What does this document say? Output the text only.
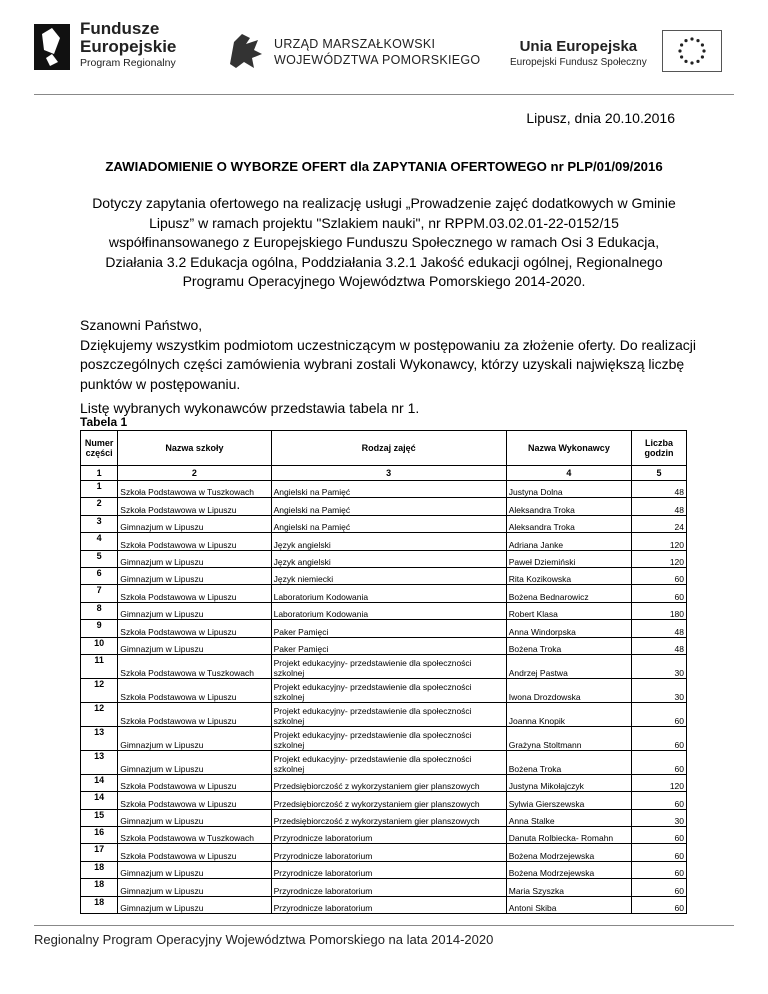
Fundusze
Europejskie
Program Regionalny
URZĄD MARSZAŁKOWSKI
WOJEWÓDZTWA POMORSKIEGO
Unia Europejska
Europejski Fundusz Społeczny
Lipusz, dnia 20.10.2016
ZAWIADOMIENIE O WYBORZE OFERT dla ZAPYTANIA OFERTOWEGO nr PLP/01/09/2016
Dotyczy zapytania ofertowego na realizację usługi „Prowadzenie zajęć dodatkowych w Gminie Lipusz” w ramach projektu "Szlakiem nauki", nr RPPM.03.02.01-22-0152/15 współfinansowanego z Europejskiego Funduszu Społecznego w ramach Osi 3 Edukacja, Działania 3.2 Edukacja ogólna, Poddziałania 3.2.1 Jakość edukacji ogólnej, Regionalnego Programu Operacyjnego Województwa Pomorskiego 2014-2020.
Szanowni Państwo,
Dziękujemy wszystkim podmiotom uczestniczącym w postępowaniu za złożenie oferty. Do realizacji poszczególnych części zamówienia wybrani zostali Wykonawcy, którzy uzyskali największą liczbę punktów w postępowaniu.
Listę wybranych wykonawców przedstawia tabela nr 1.
Tabela 1
Numer części	Nazwa szkoły	Rodzaj zajęć	Nazwa Wykonawcy	Liczba godzin
1	2	3	4	5
1	Szkoła Podstawowa w Tuszkowach	Angielski na Pamięć	Justyna Dolna	48
2	Szkoła Podstawowa w Lipuszu	Angielski na Pamięć	Aleksandra Troka	48
3	Gimnazjum w Lipuszu	Angielski na Pamięć	Aleksandra Troka	24
4	Szkoła Podstawowa w Lipuszu	Język angielski	Adriana Janke	120
5	Gimnazjum w Lipuszu	Język angielski	Paweł Dziemiński	120
6	Gimnazjum w Lipuszu	Język niemiecki	Rita Kozikowska	60
7	Szkoła Podstawowa w Lipuszu	Laboratorium Kodowania	Bożena Bednarowicz	60
8	Gimnazjum w Lipuszu	Laboratorium Kodowania	Robert Klasa	180
9	Szkoła Podstawowa w Lipuszu	Paker Pamięci	Anna Windorpska	48
10	Gimnazjum w Lipuszu	Paker Pamięci	Bożena Troka	48
11	Szkoła Podstawowa w Tuszkowach	Projekt edukacyjny- przedstawienie dla społeczności szkolnej	Andrzej Pastwa	30
12	Szkoła Podstawowa w Lipuszu	Projekt edukacyjny- przedstawienie dla społeczności szkolnej	Iwona Drozdowska	30
12	Szkoła Podstawowa w Lipuszu	Projekt edukacyjny- przedstawienie dla społeczności szkolnej	Joanna Knopik	60
13	Gimnazjum w Lipuszu	Projekt edukacyjny- przedstawienie dla społeczności szkolnej	Grażyna Stoltmann	60
13	Gimnazjum w Lipuszu	Projekt edukacyjny- przedstawienie dla społeczności szkolnej	Bożena Troka	60
14	Szkoła Podstawowa w Lipuszu	Przedsiębiorczość z wykorzystaniem gier planszowych	Justyna Mikołajczyk	120
14	Szkoła Podstawowa w Lipuszu	Przedsiębiorczość z wykorzystaniem gier planszowych	Sylwia Gierszewska	60
15	Gimnazjum w Lipuszu	Przedsiębiorczość z wykorzystaniem gier planszowych	Anna Stalke	30
16	Szkoła Podstawowa w Tuszkowach	Przyrodnicze laboratorium	Danuta Rolbiecka- Romahn	60
17	Szkoła Podstawowa w Lipuszu	Przyrodnicze laboratorium	Bożena Modrzejewska	60
18	Gimnazjum w Lipuszu	Przyrodnicze laboratorium	Bożena Modrzejewska	60
18	Gimnazjum w Lipuszu	Przyrodnicze laboratorium	Maria Szyszka	60
18	Gimnazjum w Lipuszu	Przyrodnicze laboratorium	Antoni Skiba	60
Regionalny Program Operacyjny Województwa Pomorskiego na lata 2014-2020
